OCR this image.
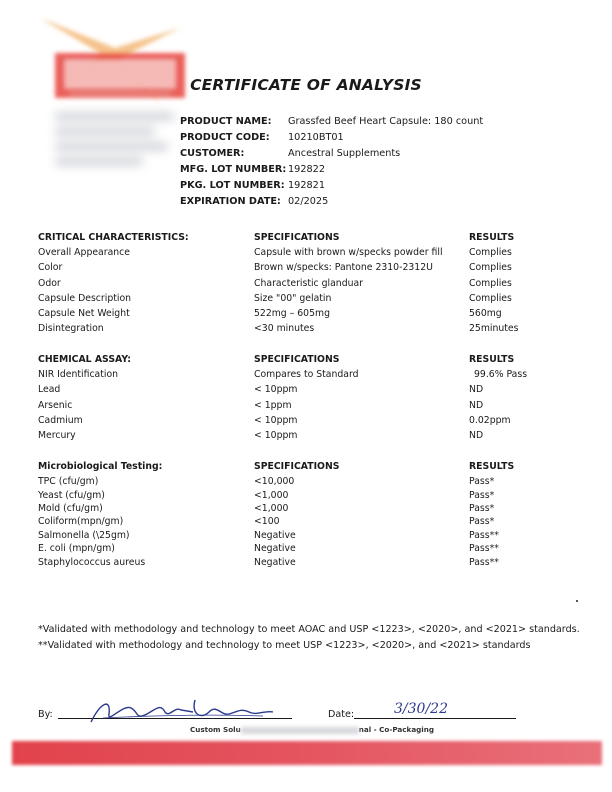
CERTIFICATE OF ANALYSIS
PRODUCT NAME: Grassfed Beef Heart Capsule: 180 count
PRODUCT CODE: 10210BT01
CUSTOMER:	Ancestral Supplements
MFG. LOT NUMBER: 192822
PKG. LOT NUMBER: 192821
EXPIRATION DATE: 02/2025
CRITICAL CHARACTERISTICS:	SPECIFICATIONS	RESULTS
Overall Appearance	Capsule with brown w/specks powder fill	Complies
Color	Brown w/specks: Pantone 2310-2312U	Complies
Odor	Characteristic glanduar	Complies
Capsule Description	Size "00" gelatin	Complies
Capsule Net Weight	522mg – 605mg	560mg
Disintegration	<30 minutes	25minutes
CHEMICAL ASSAY:	SPECIFICATIONS	RESULTS
NIR Identification	Compares to Standard	99.6% Pass
Lead	< 10ppm	ND
Arsenic	< 1ppm	ND
Cadmium	< 10ppm	0.02ppm
Mercury	< 10ppm	ND
Microbiological Testing:	SPECIFICATIONS	RESULTS
TPC (cfu/gm)	<10,000	Pass*
Yeast (cfu/gm)	<1,000	Pass*
Mold (cfu/gm)	<1,000	Pass*
Coliform(mpn/gm)	<100	Pass*
Salmonella (\25gm)	Negative	Pass**
E. coli (mpn/gm)	Negative	Pass**
Staphylococcus aureus	Negative	Pass**
*Validated with methodology and technology to meet AOAC and USP <1223>, <2020>, and <2021> standards.
**Validated with methodology and technology to meet USP <1223>, <2020>, and <2021> standards
By:	Date:	3/30/22
Custom Solu	nal - Co-Packaging
